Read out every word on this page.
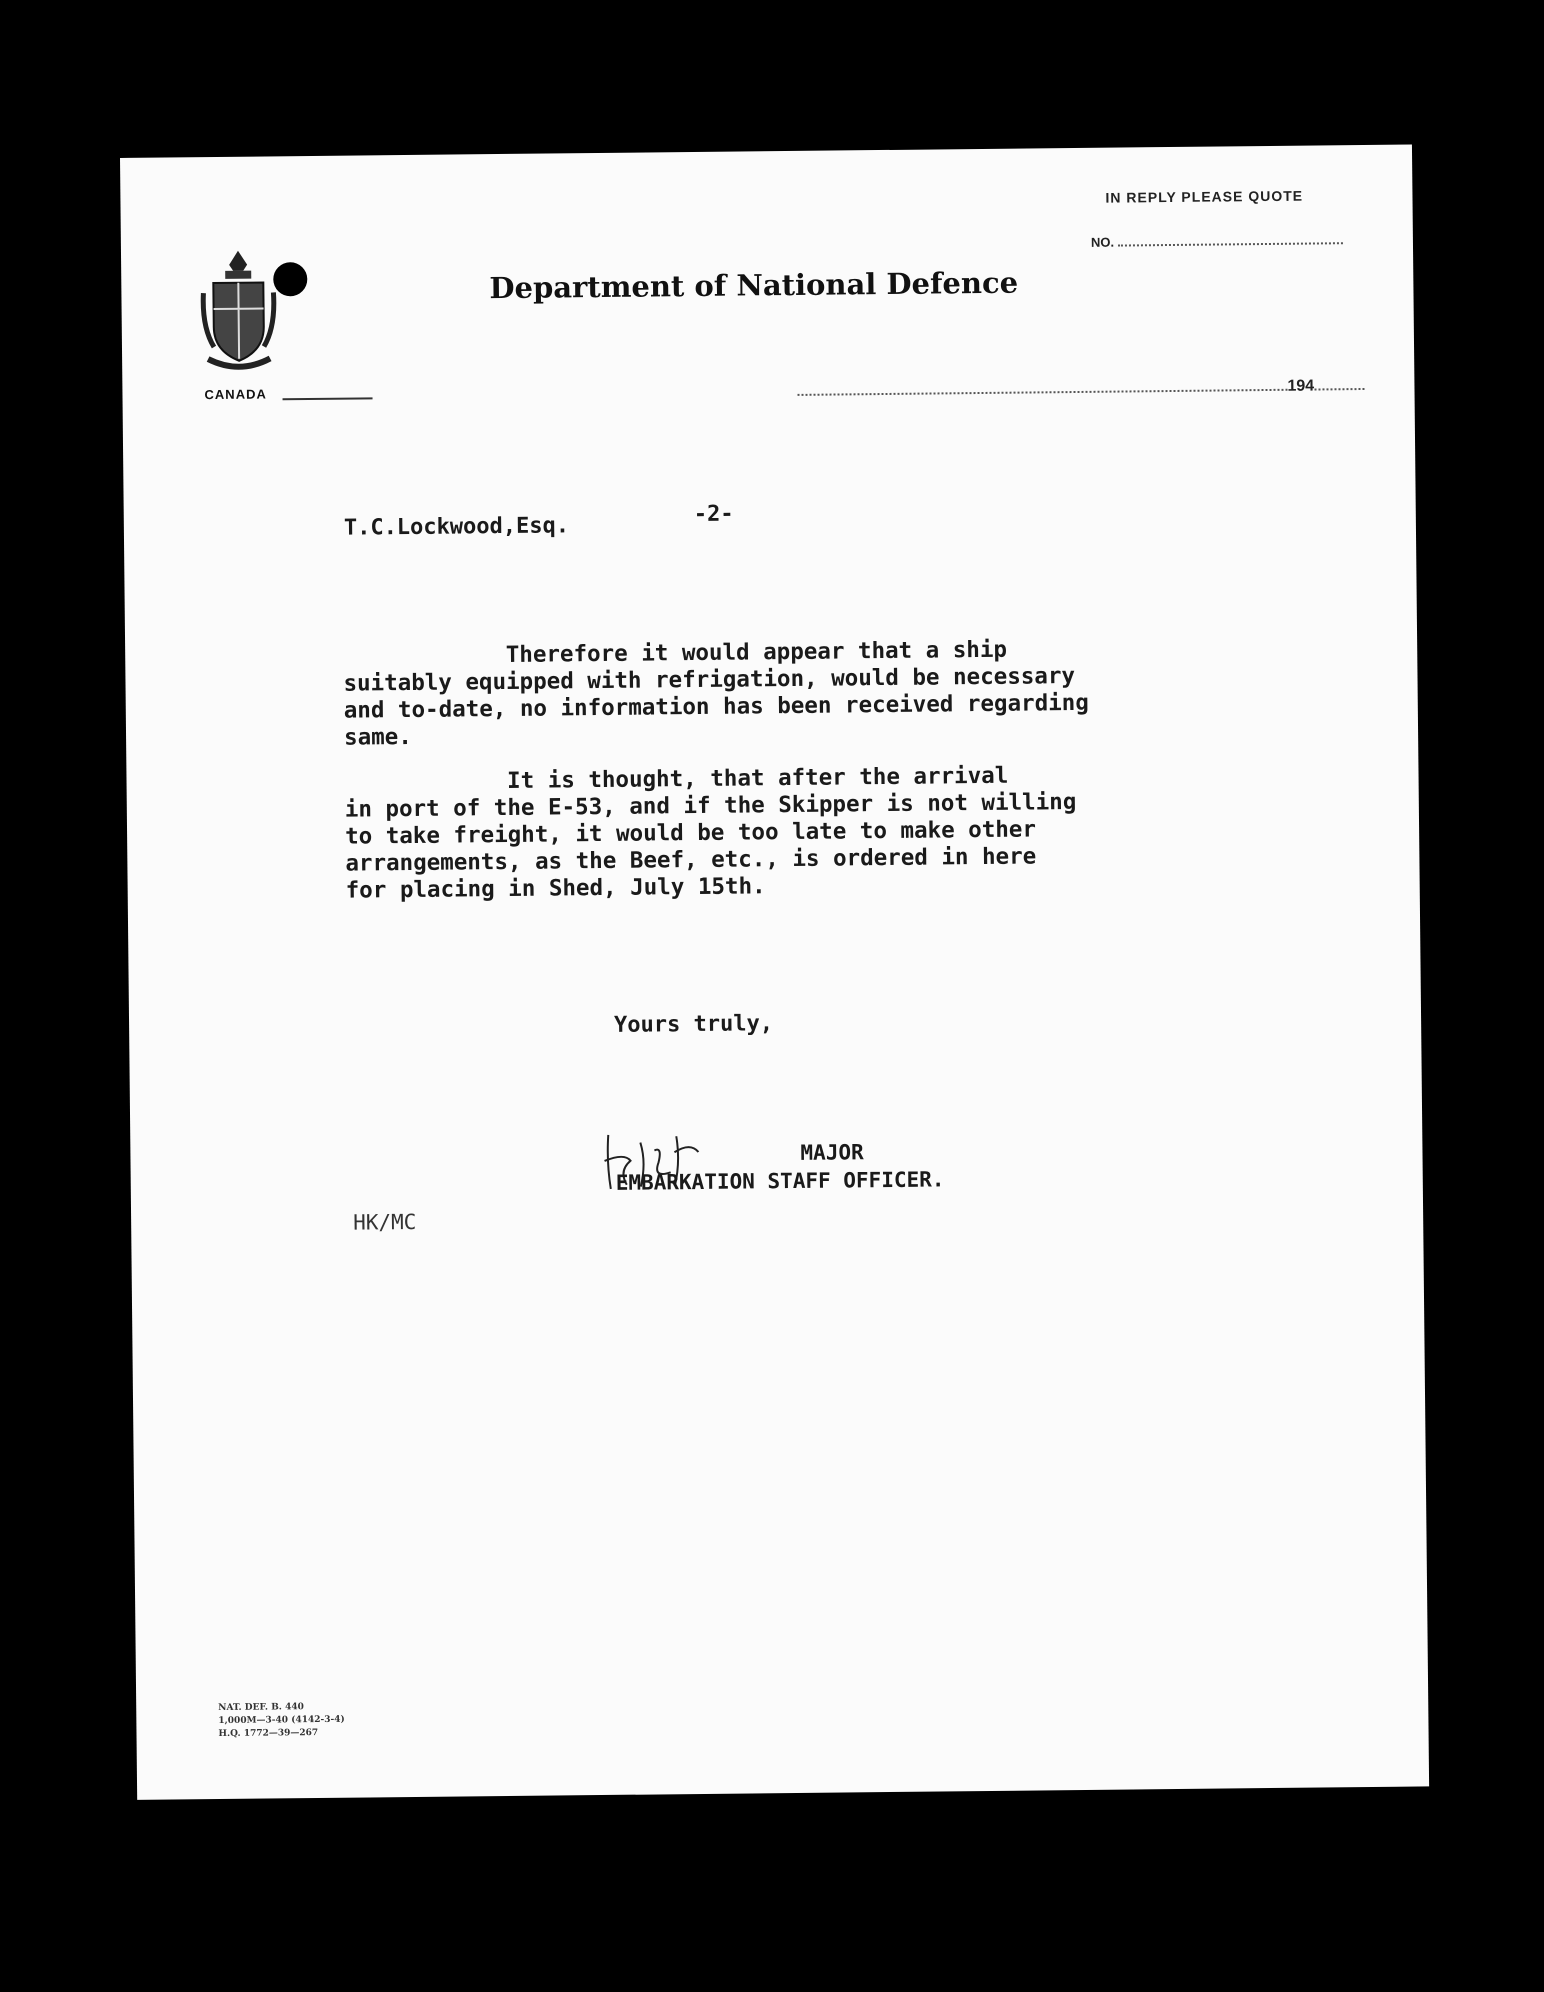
IN REPLY PLEASE QUOTE
NO.
CANADA
Department of National Defence
194
T.C.Lockwood,Esq.	-2-

Therefore it would appear that a ship
suitably equipped with refrigation, would be necessary
and to-date, no information has been received regarding
same.

It is thought, that after the arrival
in port of the E-53, and if the Skipper is not willing
to take freight, it would be too late to make other
arrangements, as the Beef, etc., is ordered in here
for placing in Shed, July 15th.

Yours truly,
MAJOR
EMBARKATION STAFF OFFICER.
HK/MC
NAT. DEF. B. 440
1,000M—3-40 (4142-3-4)
H.Q. 1772—39—267
